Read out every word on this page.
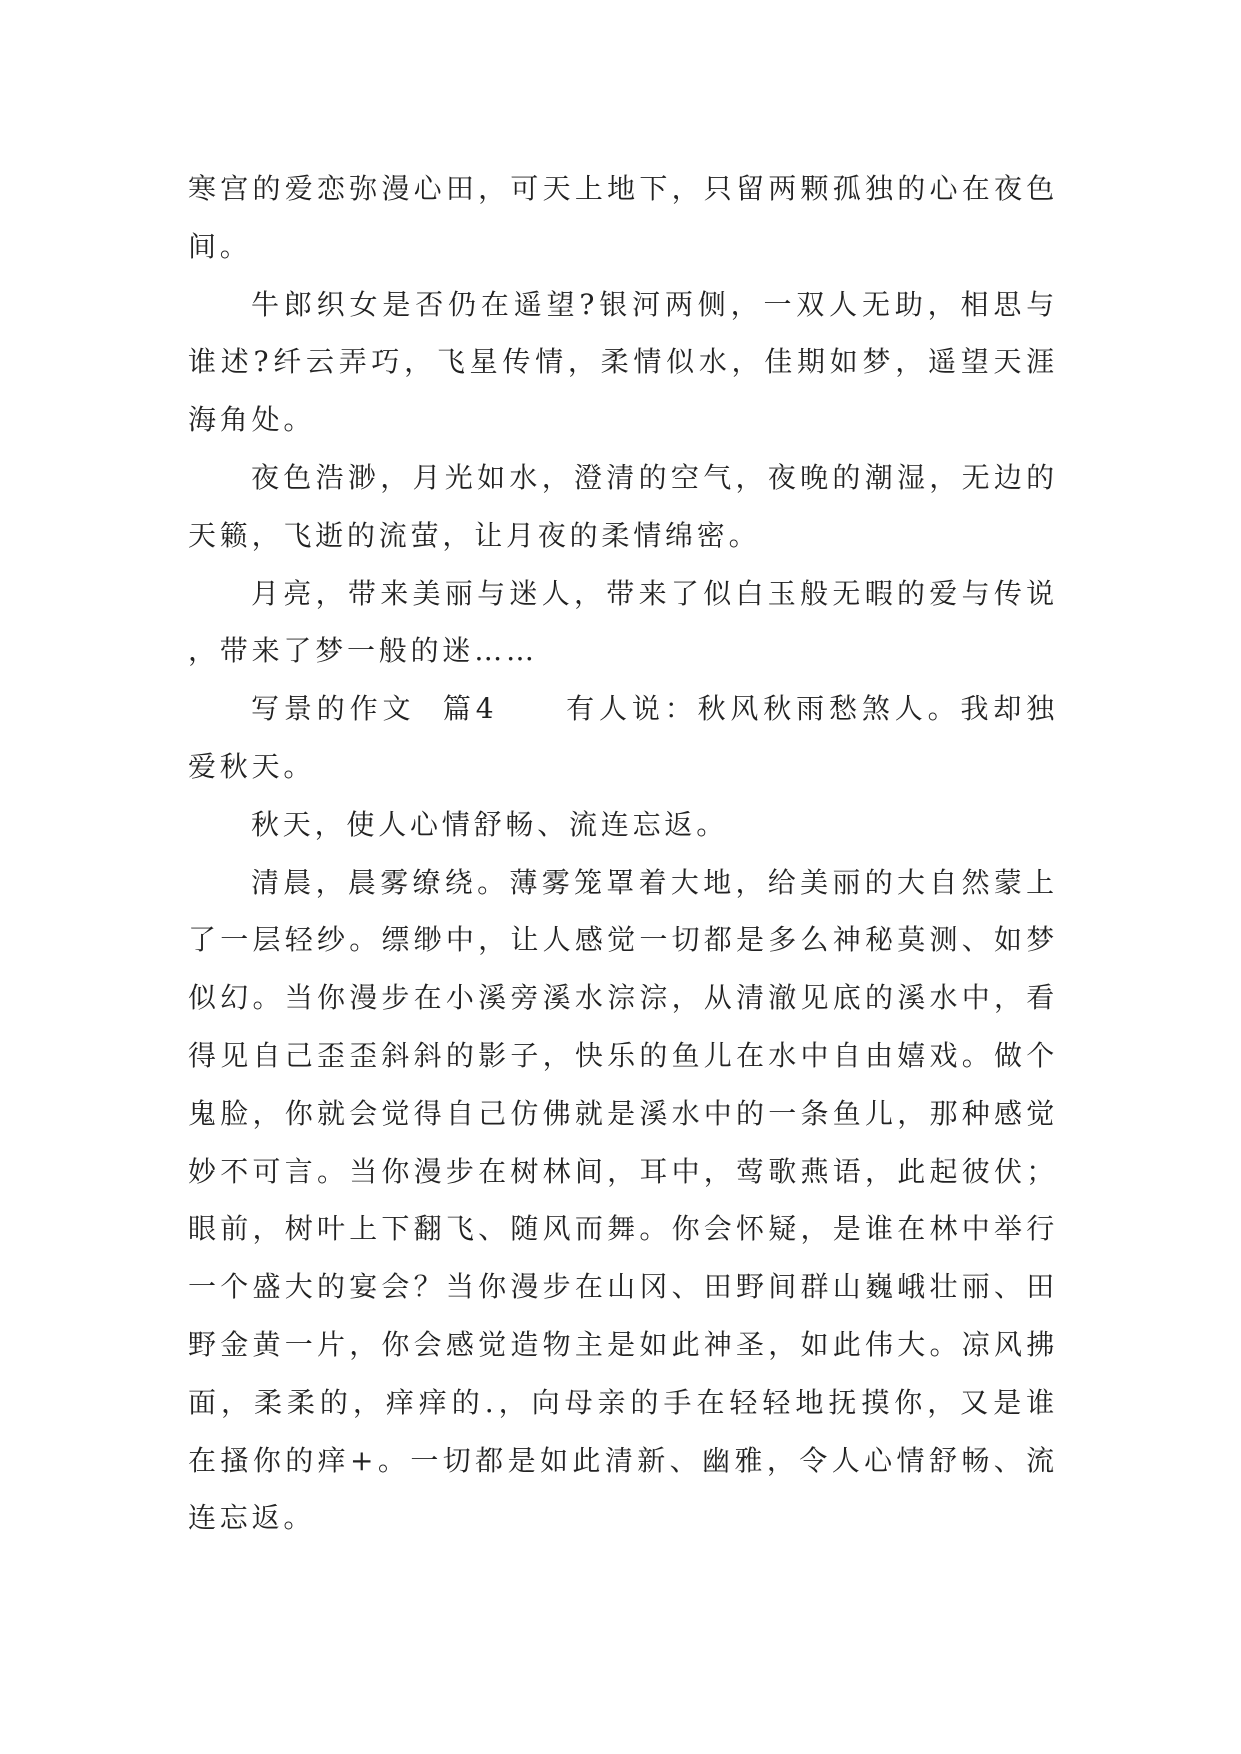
寒宫的爱恋弥漫心田，可天上地下，只留两颗孤独的心在夜色间。

牛郎织女是否仍在遥望?银河两侧，一双人无助，相思与谁述?纤云弄巧，飞星传情，柔情似水，佳期如梦，遥望天涯海角处。

夜色浩渺，月光如水，澄清的空气，夜晚的潮湿，无边的天籁，飞逝的流萤，让月夜的柔情绵密。

月亮，带来美丽与迷人，带来了似白玉般无暇的爱与传说，带来了梦一般的迷……

写景的作文  篇4     有人说：秋风秋雨愁煞人。我却独爱秋天。

秋天，使人心情舒畅、流连忘返。

清晨，晨雾缭绕。薄雾笼罩着大地，给美丽的大自然蒙上了一层轻纱。缥缈中，让人感觉一切都是多么神秘莫测、如梦似幻。当你漫步在小溪旁溪水淙淙，从清澈见底的溪水中，看得见自己歪歪斜斜的影子，快乐的鱼儿在水中自由嬉戏。做个鬼脸，你就会觉得自己仿佛就是溪水中的一条鱼儿，那种感觉妙不可言。当你漫步在树林间，耳中，莺歌燕语，此起彼伏；眼前，树叶上下翻飞、随风而舞。你会怀疑，是谁在林中举行一个盛大的宴会？当你漫步在山冈、田野间群山巍峨壮丽、田野金黄一片，你会感觉造物主是如此神圣，如此伟大。凉风拂面，柔柔的，痒痒的.，向母亲的手在轻轻地抚摸你，又是谁在搔你的痒+。一切都是如此清新、幽雅，令人心情舒畅、流连忘返。
